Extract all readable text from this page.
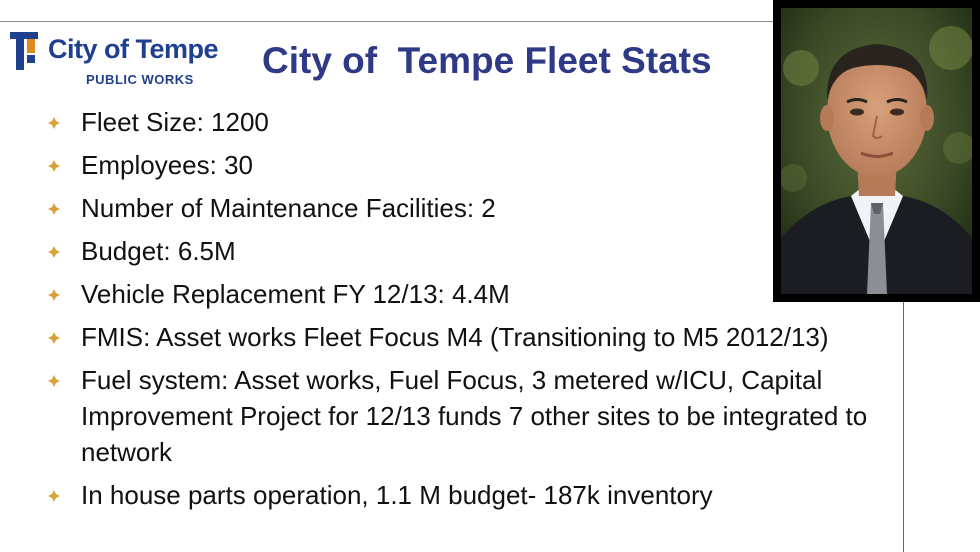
City of Tempe
PUBLIC WORKS City of  Tempe Fleet Stats
Fleet Size: 1200
Employees: 30
Number of Maintenance Facilities: 2
Budget: 6.5M
Vehicle Replacement FY 12/13: 4.4M
FMIS: Asset works Fleet Focus M4 (Transitioning to M5 2012/13)
Fuel system: Asset works, Fuel Focus, 3 metered w/ICU, Capital Improvement Project for 12/13 funds 7 other sites to be integrated to network
In house parts operation, 1.1 M budget- 187k inventory
